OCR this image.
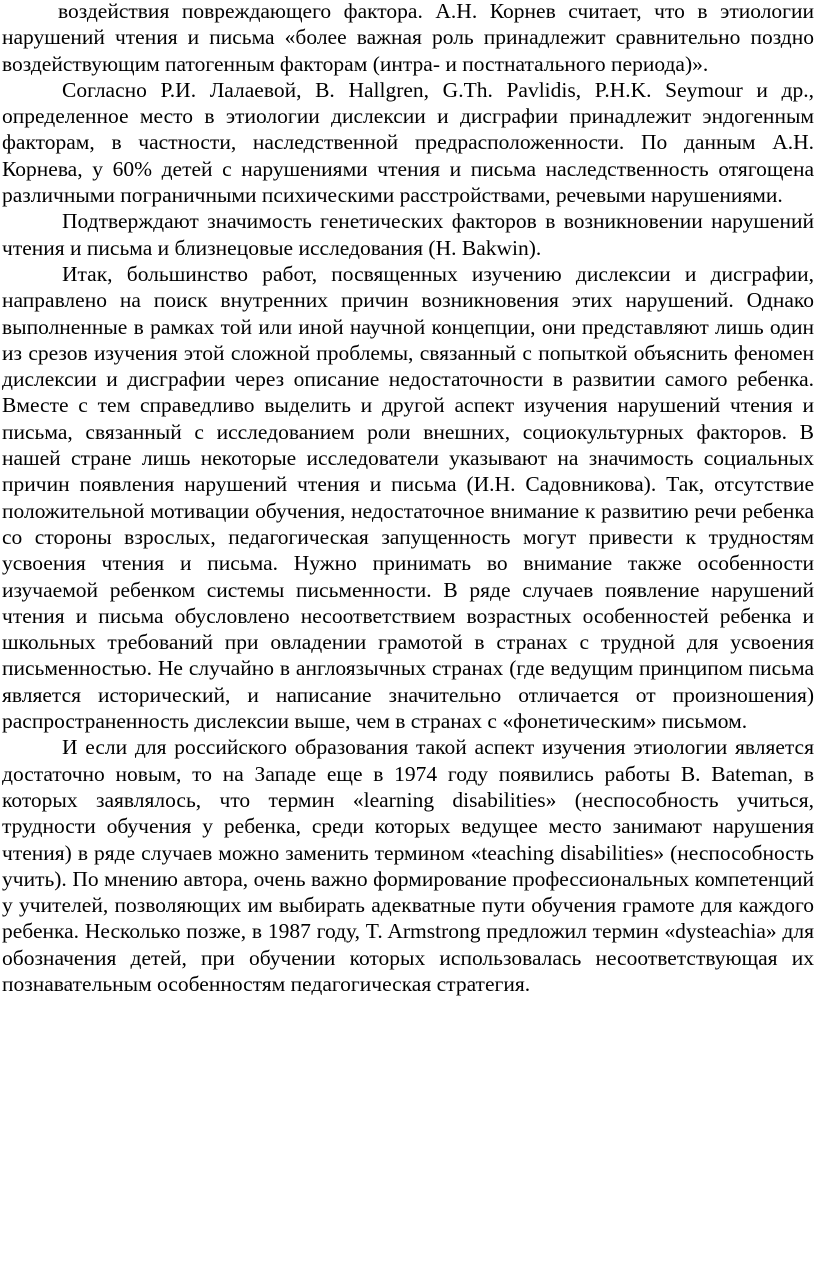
воздействия повреждающего фактора. А.Н. Корнев считает, что в этиологии нарушений чтения и письма «более важная роль принадлежит сравнительно поздно воздействующим патогенным факторам (интра- и постнатального периода)».

Согласно Р.И. Лалаевой, B. Hallgren, G.Th. Pavlidis, P.H.K. Seymour и др., определенное место в этиологии дислексии и дисграфии принадлежит эндогенным факторам, в частности, наследственной предрасположенности. По данным А.Н. Корнева, у 60% детей с нарушениями чтения и письма наследственность отягощена различными пограничными психическими расстройствами, речевыми нарушениями.

Подтверждают значимость генетических факторов в возникновении нарушений чтения и письма и близнецовые исследования (H. Bakwin).

Итак, большинство работ, посвященных изучению дислексии и дисграфии, направлено на поиск внутренних причин возникновения этих нарушений. Однако выполненные в рамках той или иной научной концепции, они представляют лишь один из срезов изучения этой сложной проблемы, связанный с попыткой объяснить феномен дислексии и дисграфии через описание недостаточности в развитии самого ребенка. Вместе с тем справедливо выделить и другой аспект изучения нарушений чтения и письма, связанный с исследованием роли внешних, социокультурных факторов. В нашей стране лишь некоторые исследователи указывают на значимость социальных причин появления нарушений чтения и письма (И.Н. Садовникова). Так, отсутствие положительной мотивации обучения, недостаточное внимание к развитию речи ребенка со стороны взрослых, педагогическая запущенность могут привести к трудностям усвоения чтения и письма. Нужно принимать во внимание также особенности изучаемой ребенком системы письменности. В ряде случаев появление нарушений чтения и письма обусловлено несоответствием возрастных особенностей ребенка и школьных требований при овладении грамотой в странах с трудной для усвоения письменностью. Не случайно в англоязычных странах (где ведущим принципом письма является исторический, и написание значительно отличается от произношения) распространенность дислексии выше, чем в странах с «фонетическим» письмом.

И если для российского образования такой аспект изучения этиологии является достаточно новым, то на Западе еще в 1974 году появились работы B. Bateman, в которых заявлялось, что термин «learning disabilities» (неспособность учиться, трудности обучения у ребенка, среди которых ведущее место занимают нарушения чтения) в ряде случаев можно заменить термином «teaching disabilities» (неспособность учить). По мнению автора, очень важно формирование профессиональных компетенций у учителей, позволяющих им выбирать адекватные пути обучения грамоте для каждого ребенка. Несколько позже, в 1987 году, T. Armstrong предложил термин «dysteachia» для обозначения детей, при обучении которых использовалась несоответствующая их познавательным особенностям педагогическая стратегия.
